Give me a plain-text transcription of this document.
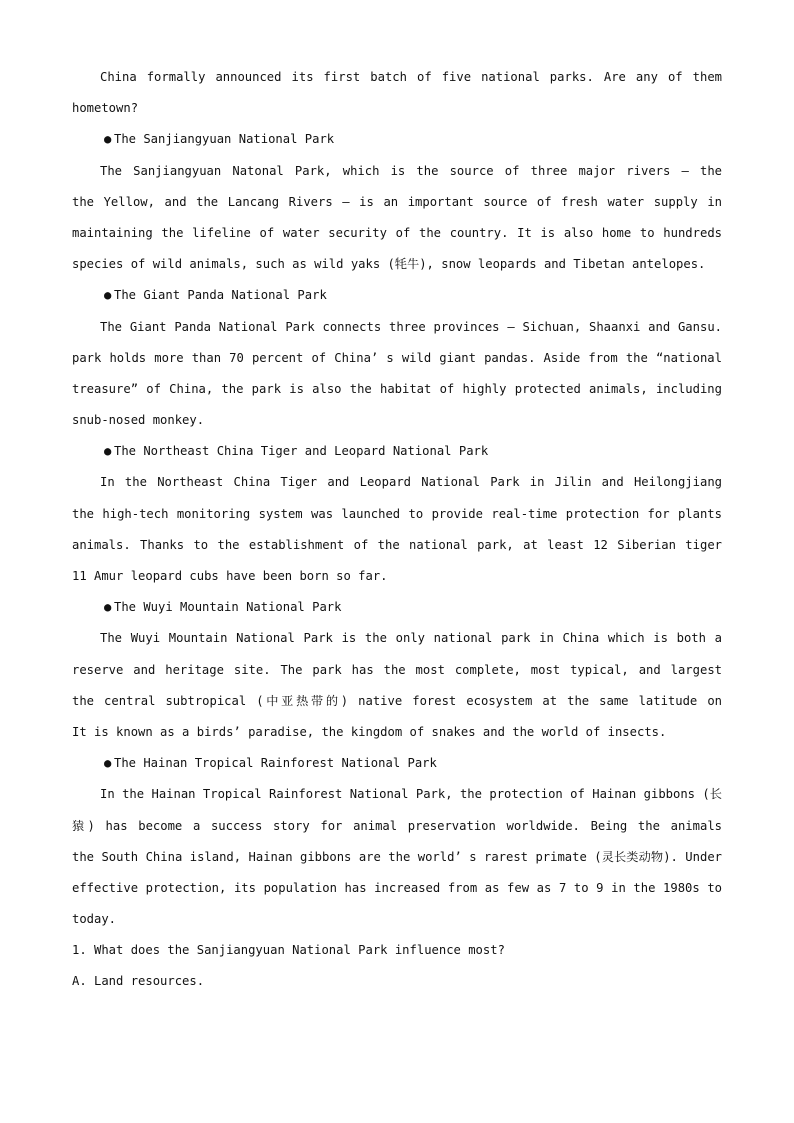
China formally announced its first batch of five national parks. Are any of them
hometown?
● The Sanjiangyuan National Park
The Sanjiangyuan Natonal Park, which is the source of three major rivers — the
the Yellow, and the Lancang Rivers — is an important source of fresh water supply in
maintaining the lifeline of water security of the country. It is also home to hundreds
species of wild animals, such as wild yaks (牦牛), snow leopards and Tibetan antelopes.
● The Giant Panda National Park
The Giant Panda National Park connects three provinces — Sichuan, Shaanxi and Gansu.
park holds more than 70 percent of China’ s wild giant pandas. Aside from the “national
treasure” of China, the park is also the habitat of highly protected animals, including
snub-nosed monkey.
● The Northeast China Tiger and Leopard National Park
In the Northeast China Tiger and Leopard National Park in Jilin and Heilongjiang
the high-tech monitoring system was launched to provide real-time protection for plants
animals. Thanks to the establishment of the national park, at least 12 Siberian tiger
11 Amur leopard cubs have been born so far.
● The Wuyi Mountain National Park
The Wuyi Mountain National Park is the only national park in China which is both a
reserve and heritage site. The park has the most complete, most typical, and largest
the central subtropical (中亚热带的) native forest ecosystem at the same latitude on
It is known as a birds’ paradise, the kingdom of snakes and the world of insects.
● The Hainan Tropical Rainforest National Park
In the Hainan Tropical Rainforest National Park, the protection of Hainan gibbons (长
猿) has become a success story for animal preservation worldwide. Being the animals
the South China island, Hainan gibbons are the world’ s rarest primate (灵长类动物). Under
effective protection, its population has increased from as few as 7 to 9 in the 1980s to
today.
1. What does the Sanjiangyuan National Park influence most?
A. Land resources.
